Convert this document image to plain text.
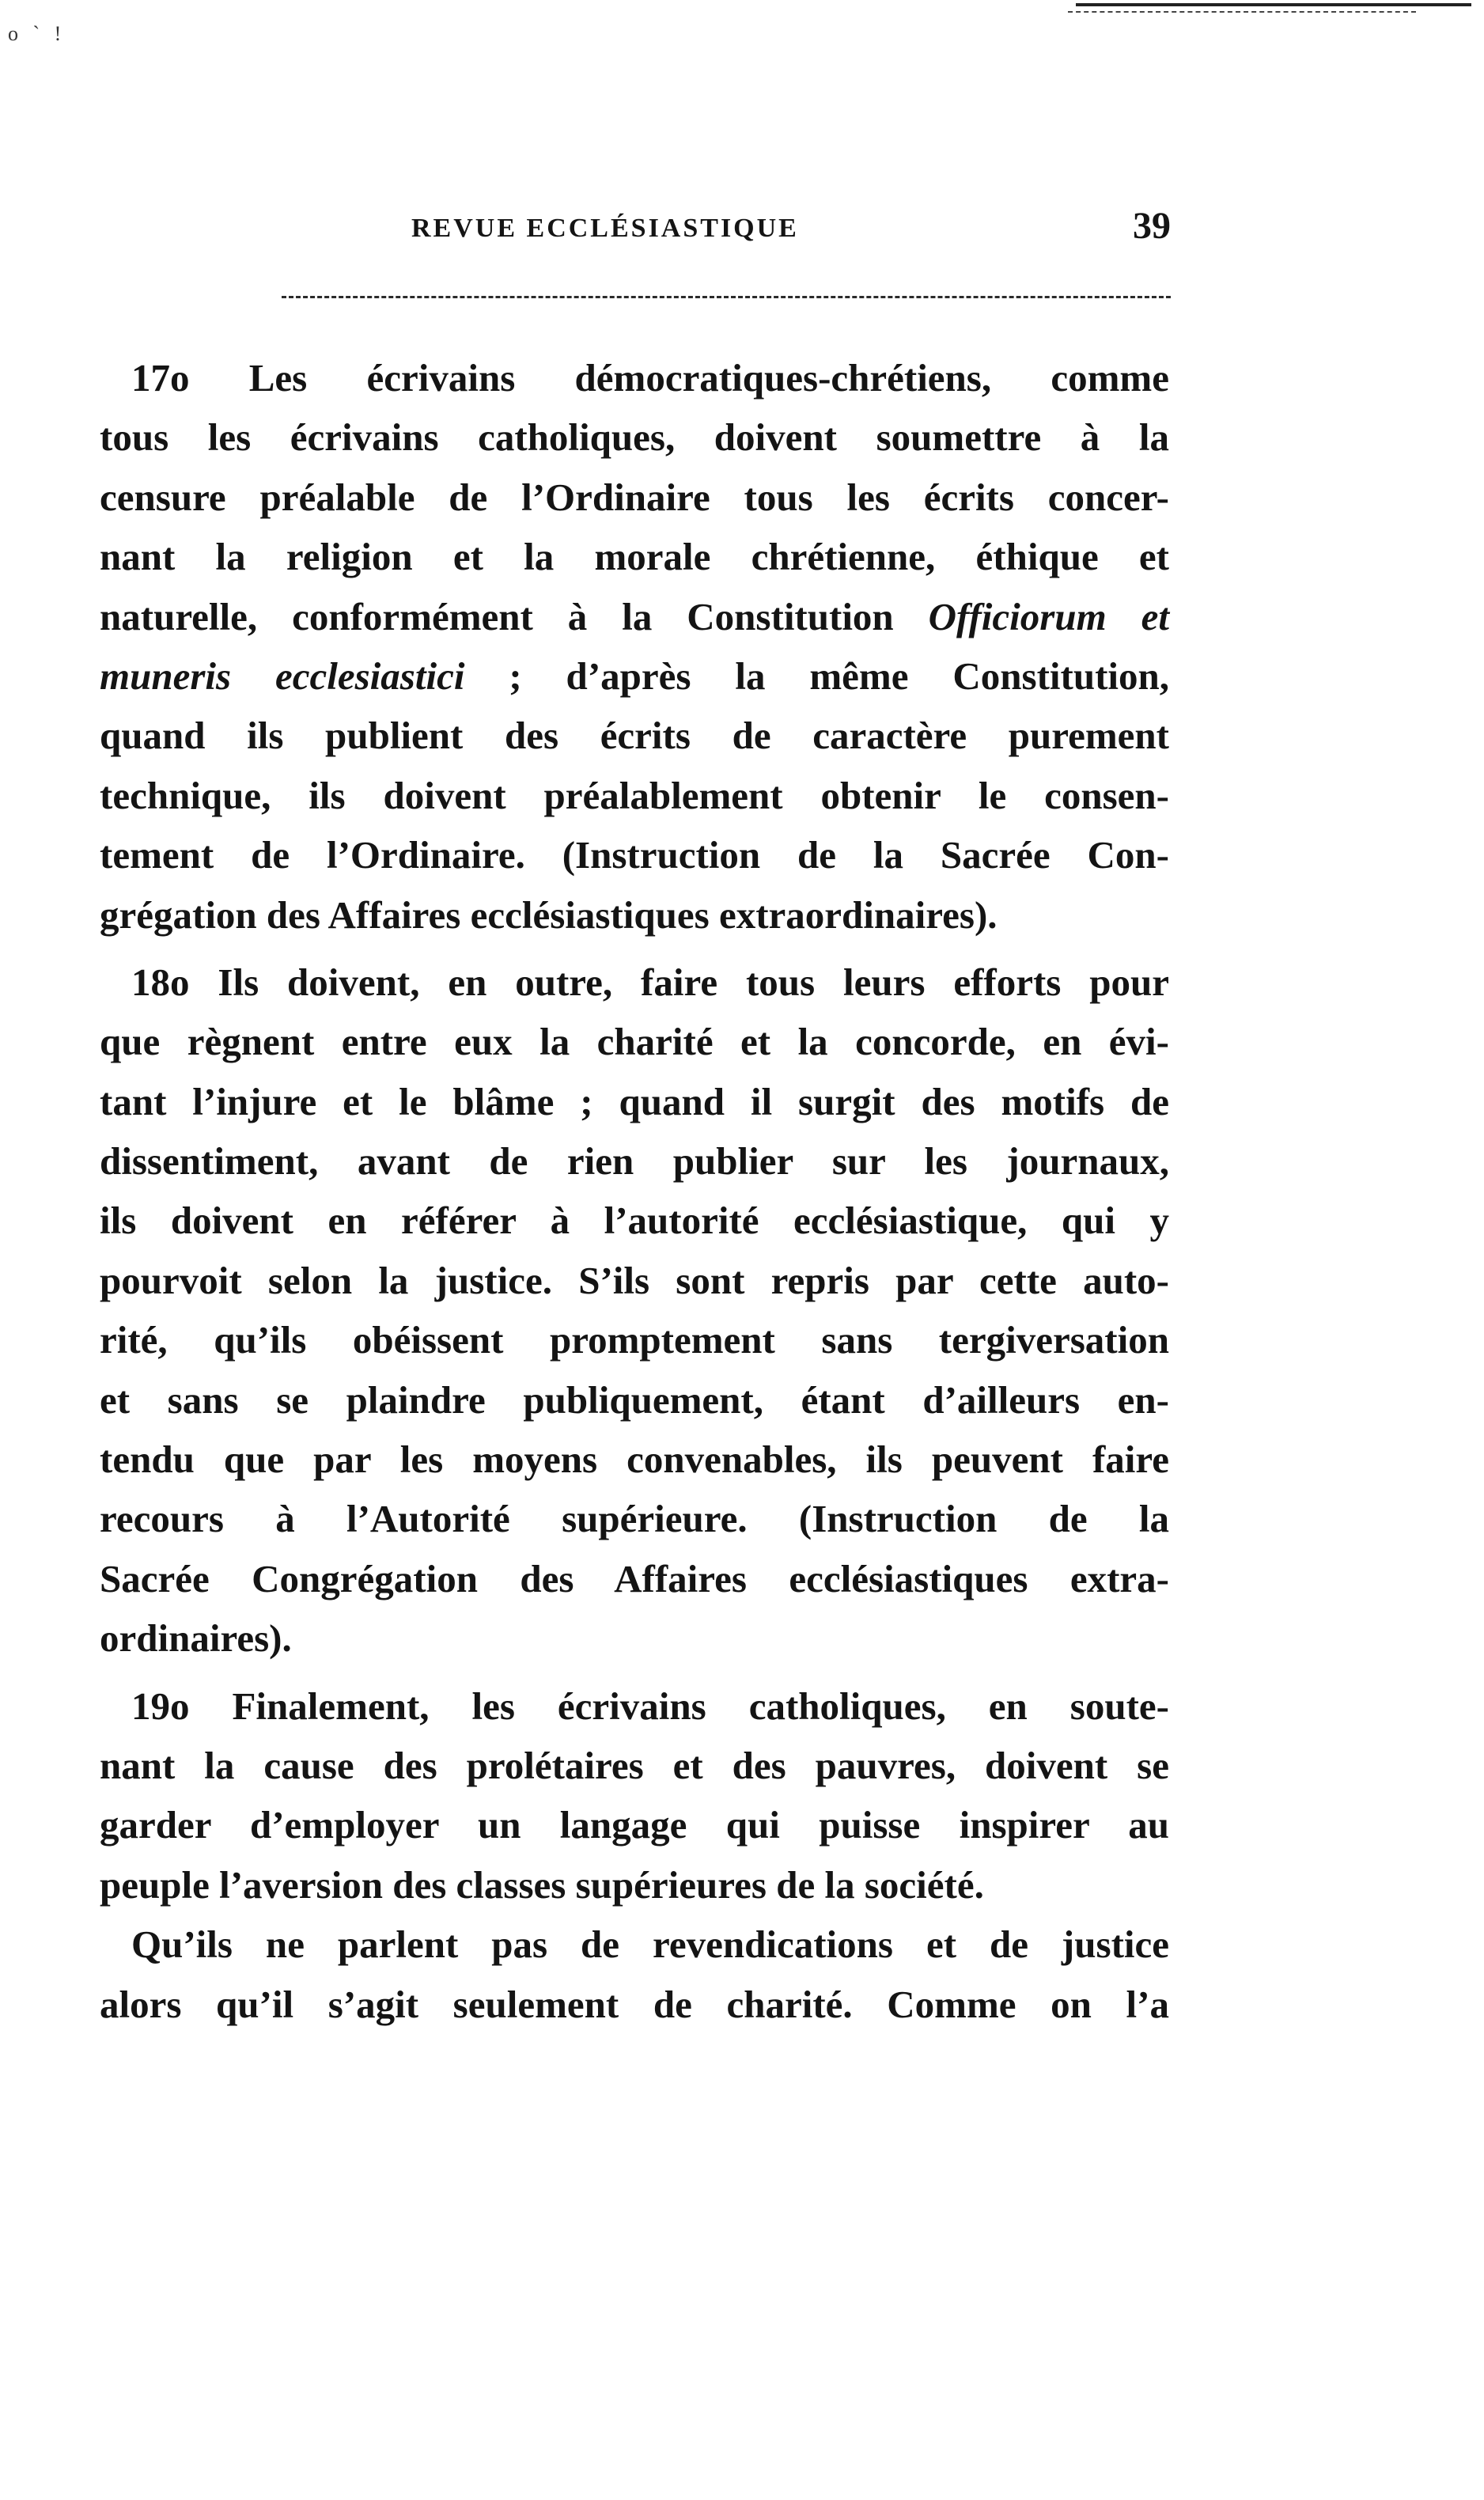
o ˋ !
REVUE ECCLÉSIASTIQUE	39
17o Les écrivains démocratiques-chrétiens, comme
tous les écrivains catholiques, doivent soumettre à la
censure préalable de l’Ordinaire tous les écrits concer-
nant la religion et la morale chrétienne, éthique et
naturelle, conformément à la Constitution Officiorum et
muneris ecclesiastici ; d’après la même Constitution,
quand ils publient des écrits de caractère purement
technique, ils doivent préalablement obtenir le consen-
tement de l’Ordinaire. (Instruction de la Sacrée Con-
grégation des Affaires ecclésiastiques extraordinaires).
18o Ils doivent, en outre, faire tous leurs efforts pour
que règnent entre eux la charité et la concorde, en évi-
tant l’injure et le blâme ; quand il surgit des motifs de
dissentiment, avant de rien publier sur les journaux,
ils doivent en référer à l’autorité ecclésiastique, qui y
pourvoit selon la justice. S’ils sont repris par cette auto-
rité, qu’ils obéissent promptement sans tergiversation
et sans se plaindre publiquement, étant d’ailleurs en-
tendu que par les moyens convenables, ils peuvent faire
recours à l’Autorité supérieure. (Instruction de la
Sacrée Congrégation des Affaires ecclésiastiques extra-
ordinaires).
19o Finalement, les écrivains catholiques, en soute-
nant la cause des prolétaires et des pauvres, doivent se
garder d’employer un langage qui puisse inspirer au
peuple l’aversion des classes supérieures de la société.
Qu’ils ne parlent pas de revendications et de justice
alors qu’il s’agit seulement de charité. Comme on l’a
